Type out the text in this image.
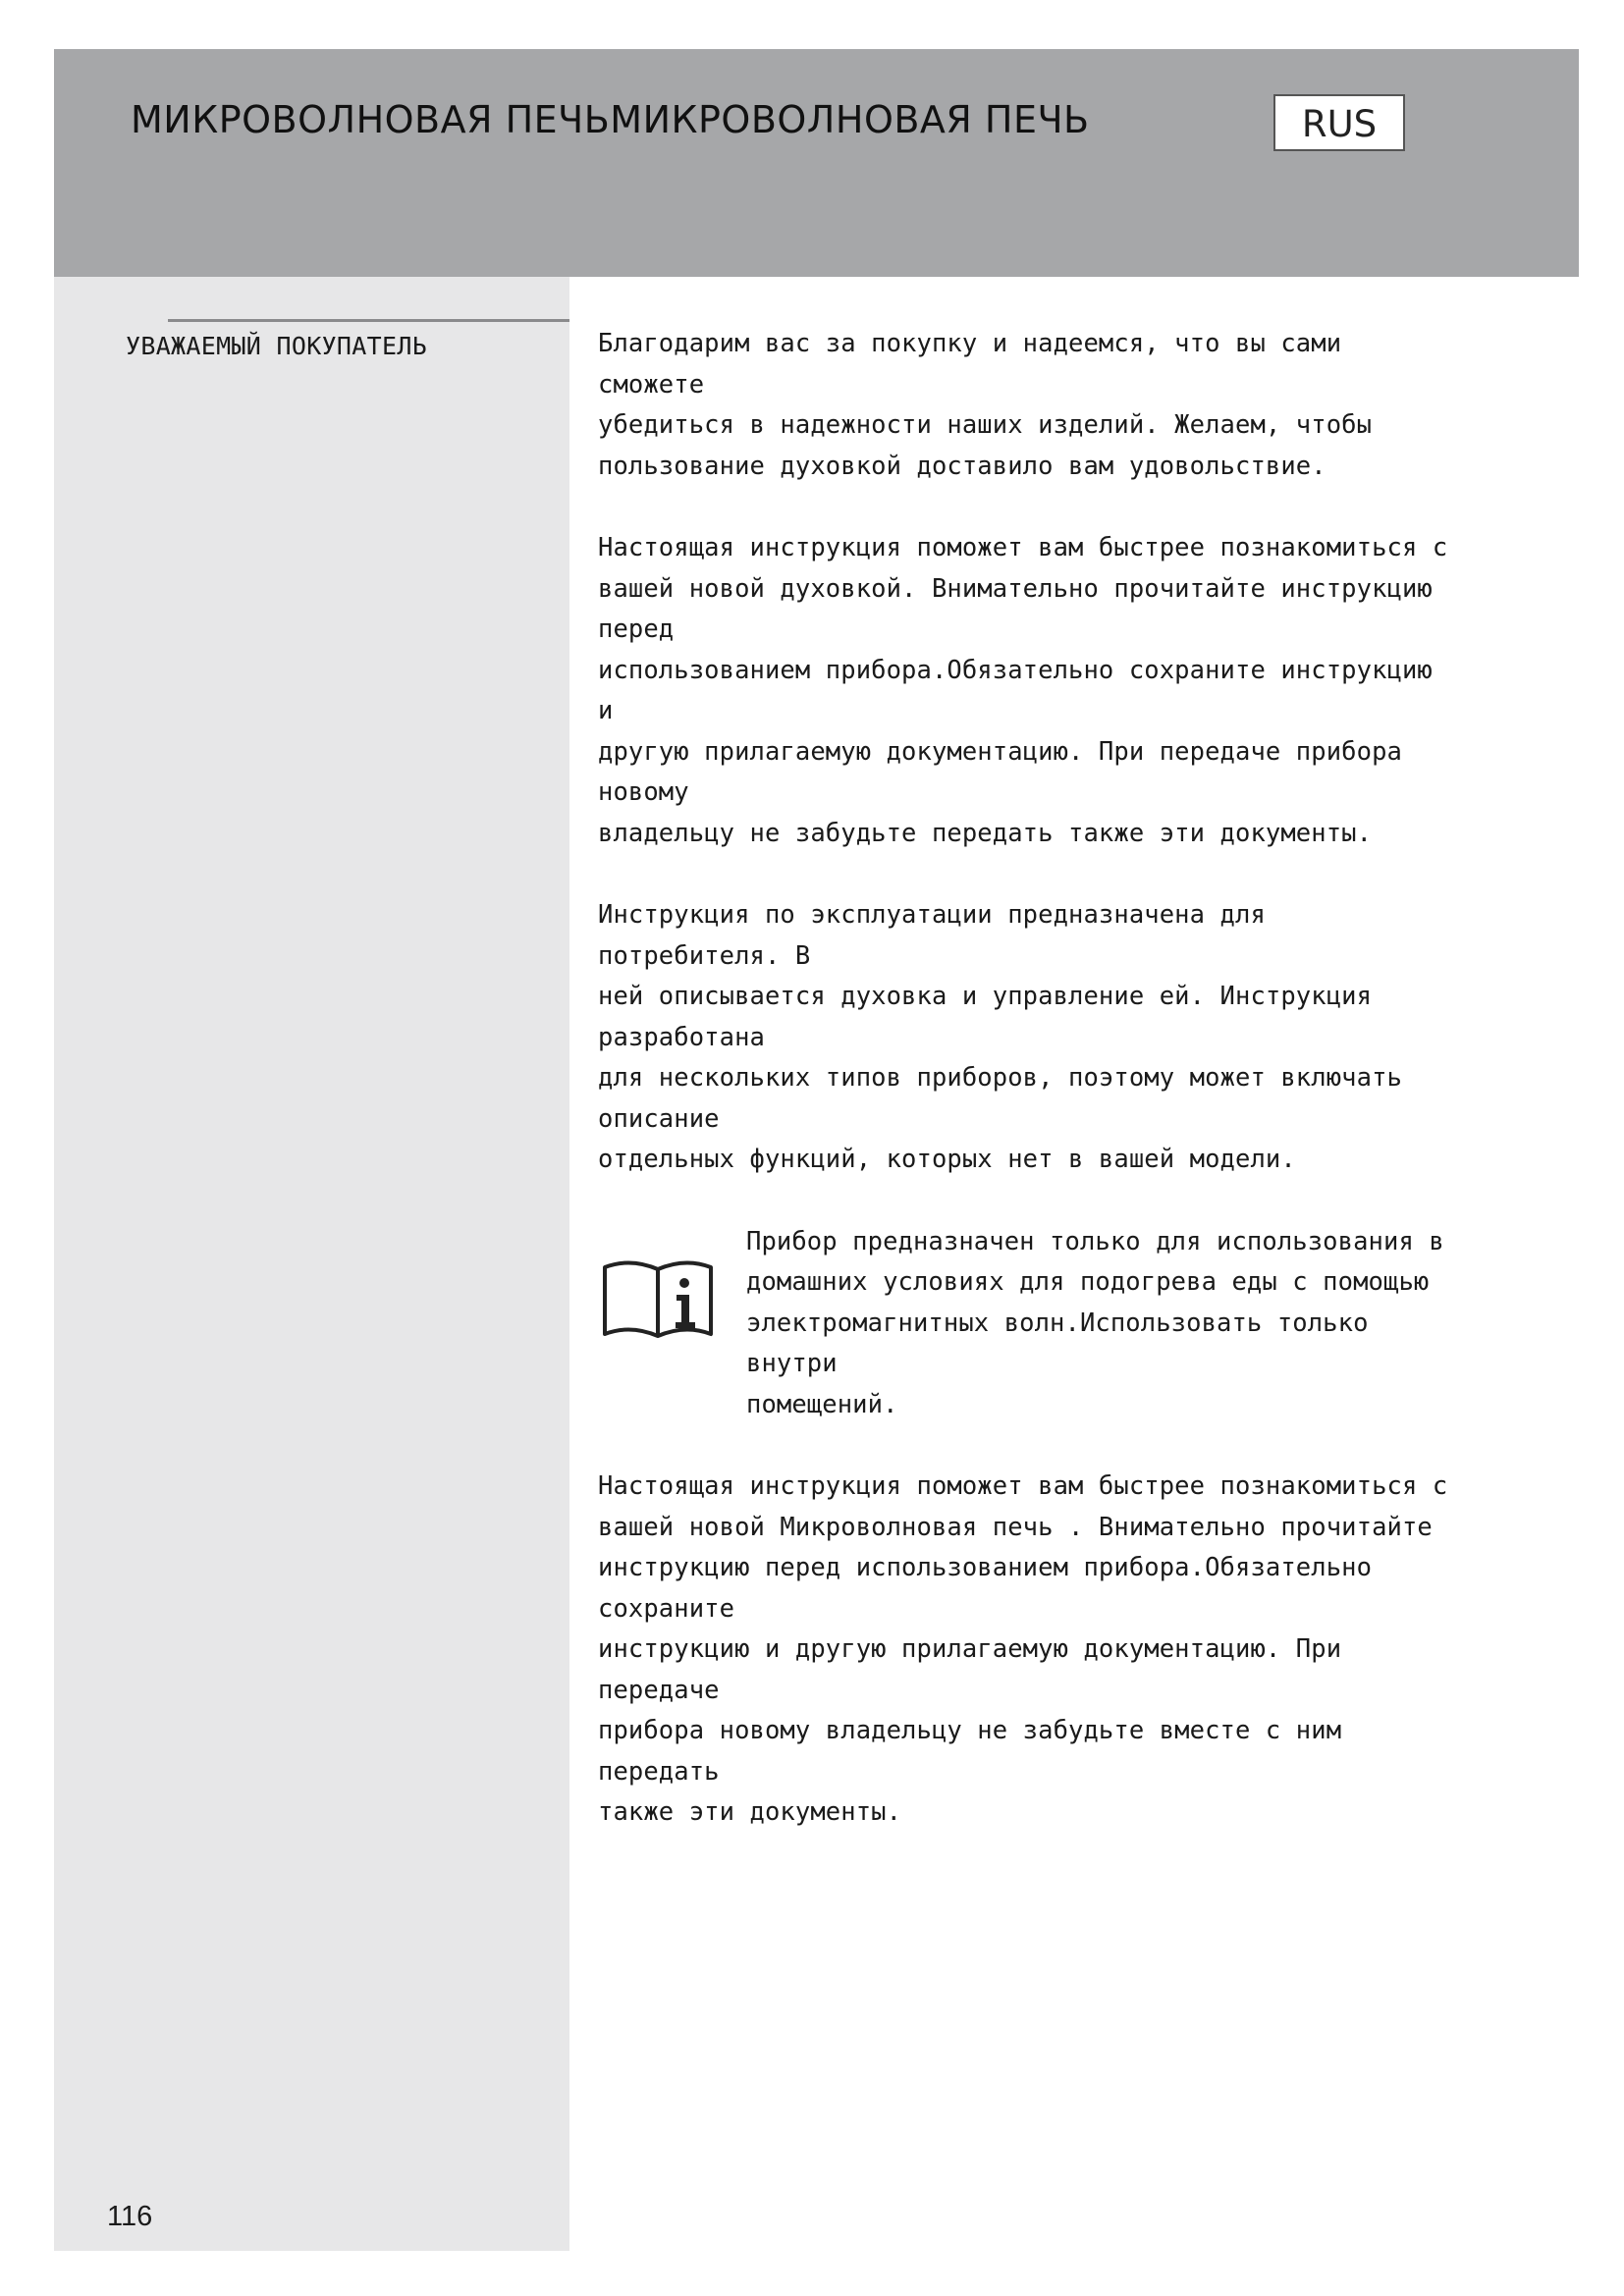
МИКРОВОЛНОВАЯ ПЕЧЬМИКРОВОЛНОВАЯ ПЕЧЬ	RUS
УВАЖАЕМЫЙ ПОКУПАТЕЛЬ
116

Благодарим вас за покупку и надеемся, что вы сами сможете
убедиться в надежности наших изделий. Желаем, чтобы
пользование духовкой доставило вам удовольствие.

Настоящая инструкция поможет вам быстрее познакомиться с
вашей новой духовкой. Внимательно прочитайте инструкцию перед
использованием прибора.Обязательно сохраните инструкцию и
другую прилагаемую документацию. При передаче прибора новому
владельцу не забудьте передать также эти документы.

Инструкция по эксплуатации предназначена для потребителя. В
ней описывается духовка и управление ей. Инструкция разработана
для нескольких типов приборов, поэтому может включать описание
отдельных функций, которых нет в вашей модели.

Прибор предназначен только для использования в
домашних условиях для подогрева еды с помощью
электромагнитных волн.Использовать только внутри
помещений.

Настоящая инструкция поможет вам быстрее познакомиться с
вашей новой Микроволновая печь . Внимательно прочитайте
инструкцию перед использованием прибора.Обязательно сохраните
инструкцию и другую прилагаемую документацию. При передаче
прибора новому владельцу не забудьте вместе с ним передать
также эти документы.
